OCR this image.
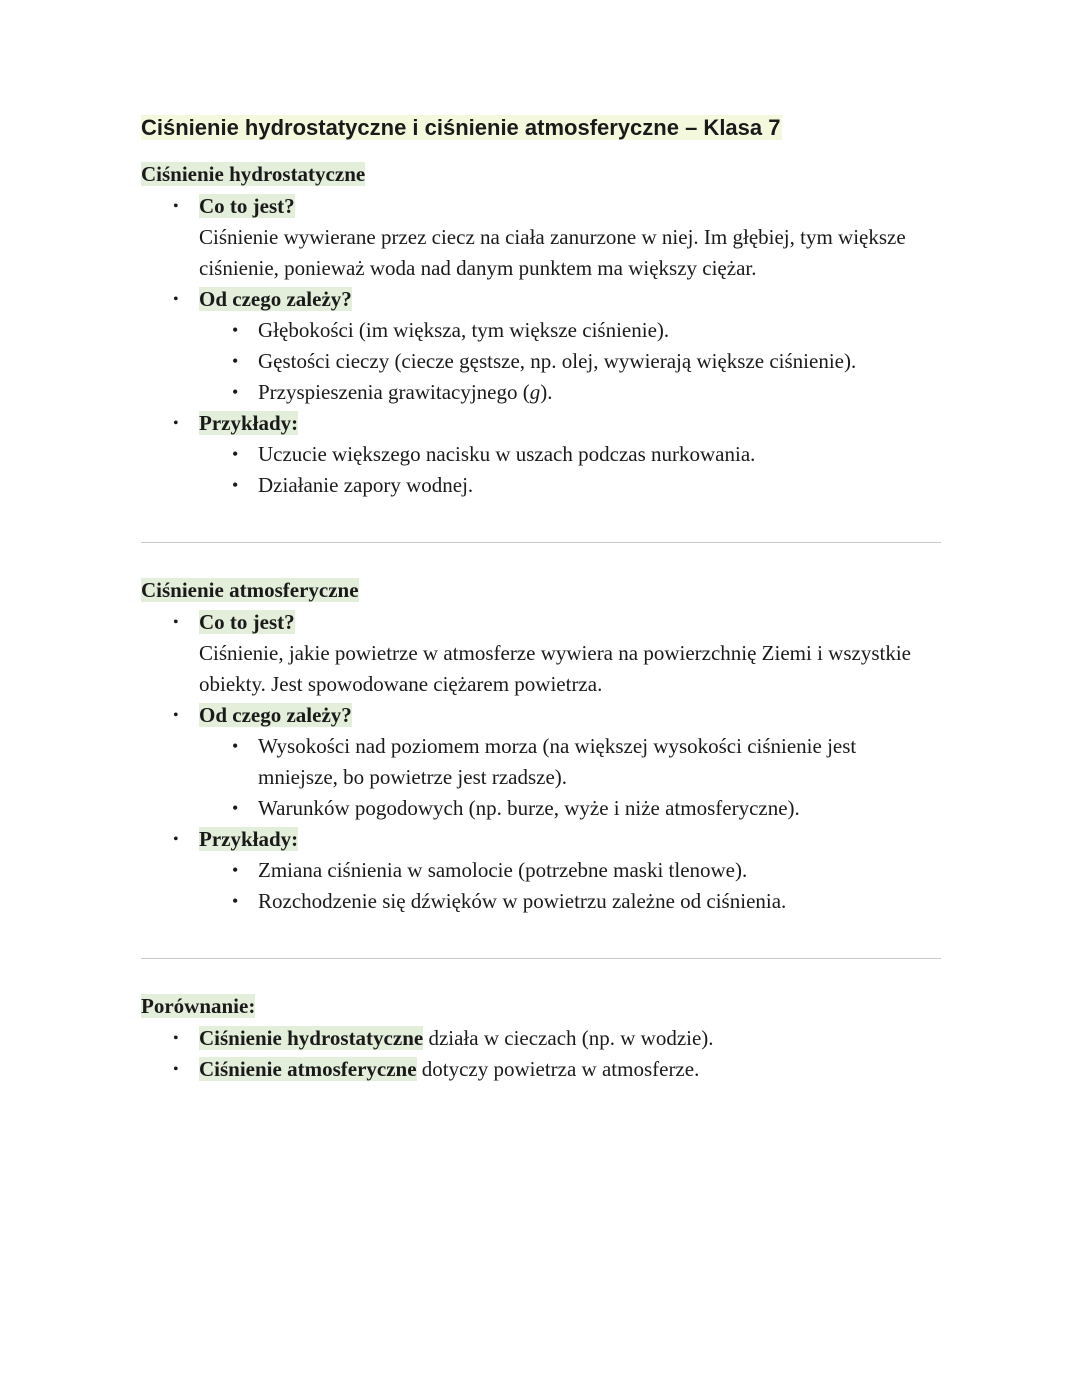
Ciśnienie hydrostatyczne i ciśnienie atmosferyczne – Klasa 7
Ciśnienie hydrostatyczne
• Co to jest?
Ciśnienie wywierane przez ciecz na ciała zanurzone w niej. Im głębiej, tym większe ciśnienie, ponieważ woda nad danym punktem ma większy ciężar.
• Od czego zależy?
• Głębokości (im większa, tym większe ciśnienie).
• Gęstości cieczy (ciecze gęstsze, np. olej, wywierają większe ciśnienie).
• Przyspieszenia grawitacyjnego (g).
• Przykłady:
• Uczucie większego nacisku w uszach podczas nurkowania.
• Działanie zapory wodnej.
Ciśnienie atmosferyczne
• Co to jest?
Ciśnienie, jakie powietrze w atmosferze wywiera na powierzchnię Ziemi i wszystkie obiekty. Jest spowodowane ciężarem powietrza.
• Od czego zależy?
• Wysokości nad poziomem morza (na większej wysokości ciśnienie jest mniejsze, bo powietrze jest rzadsze).
• Warunków pogodowych (np. burze, wyże i niże atmosferyczne).
• Przykłady:
• Zmiana ciśnienia w samolocie (potrzebne maski tlenowe).
• Rozchodzenie się dźwięków w powietrzu zależne od ciśnienia.
Porównanie:
• Ciśnienie hydrostatyczne działa w cieczach (np. w wodzie).
• Ciśnienie atmosferyczne dotyczy powietrza w atmosferze.
